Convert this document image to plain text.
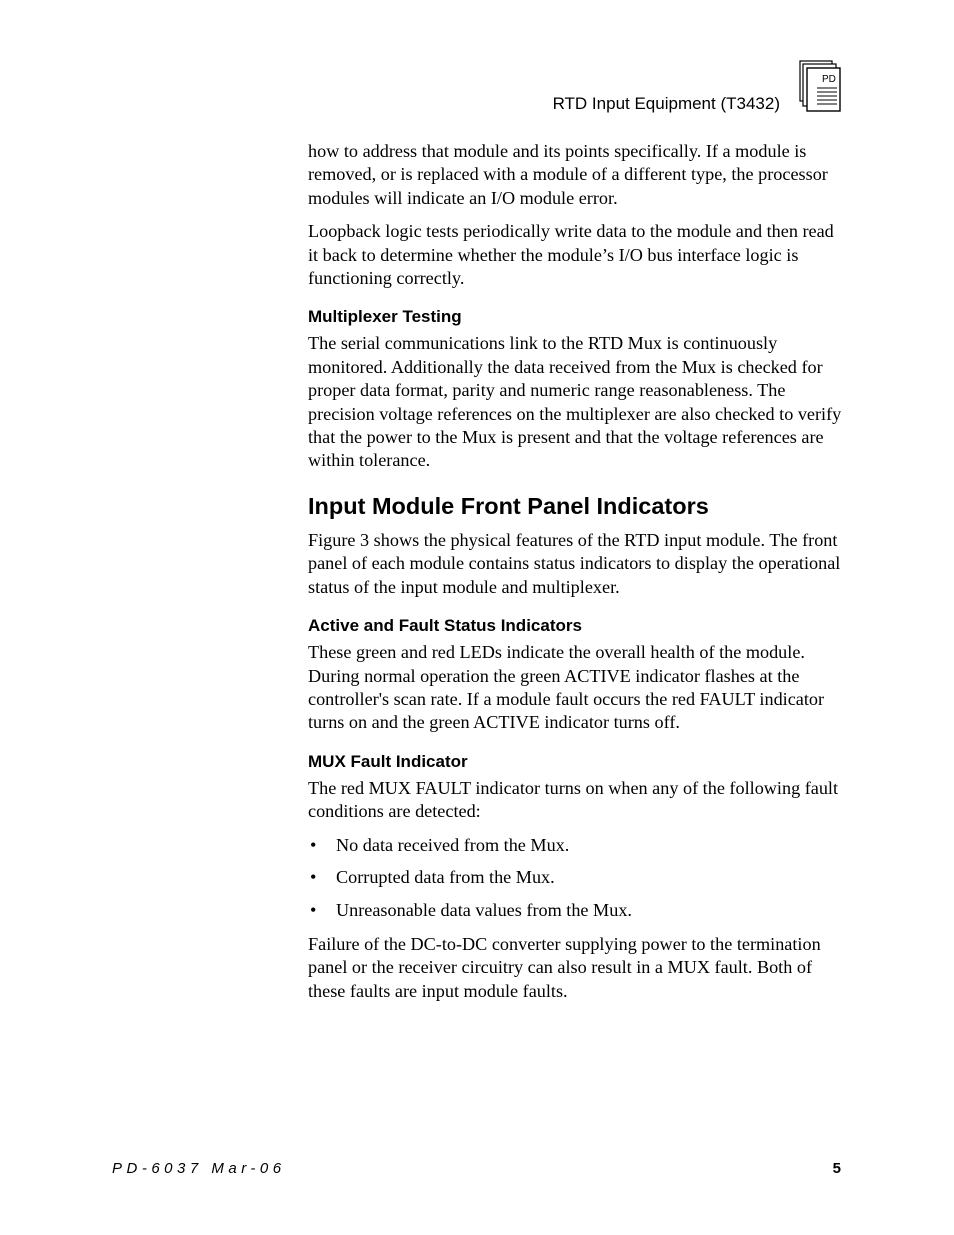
RTD Input Equipment (T3432)
PD

how to address that module and its points specifically. If a module is removed, or is replaced with a module of a different type, the processor modules will indicate an I/O module error.

Loopback logic tests periodically write data to the module and then read it back to determine whether the module’s I/O bus interface logic is functioning correctly.

Multiplexer Testing

The serial communications link to the RTD Mux is continuously monitored. Additionally the data received from the Mux is checked for proper data format, parity and numeric range reasonableness. The precision voltage references on the multiplexer are also checked to verify that the power to the Mux is present and that the voltage references are within tolerance.

Input Module Front Panel Indicators

Figure 3 shows the physical features of the RTD input module. The front panel of each module contains status indicators to display the operational status of the input module and multiplexer.

Active and Fault Status Indicators

These green and red LEDs indicate the overall health of the module. During normal operation the green ACTIVE indicator flashes at the controller's scan rate. If a module fault occurs the red FAULT indicator turns on and the green ACTIVE indicator turns off.

MUX Fault Indicator

The red MUX FAULT indicator turns on when any of the following fault conditions are detected:

• No data received from the Mux.
• Corrupted data from the Mux.
• Unreasonable data values from the Mux.

Failure of the DC-to-DC converter supplying power to the termination panel or the receiver circuitry can also result in a MUX fault. Both of these faults are input module faults.

PD-6037 Mar-06	5
